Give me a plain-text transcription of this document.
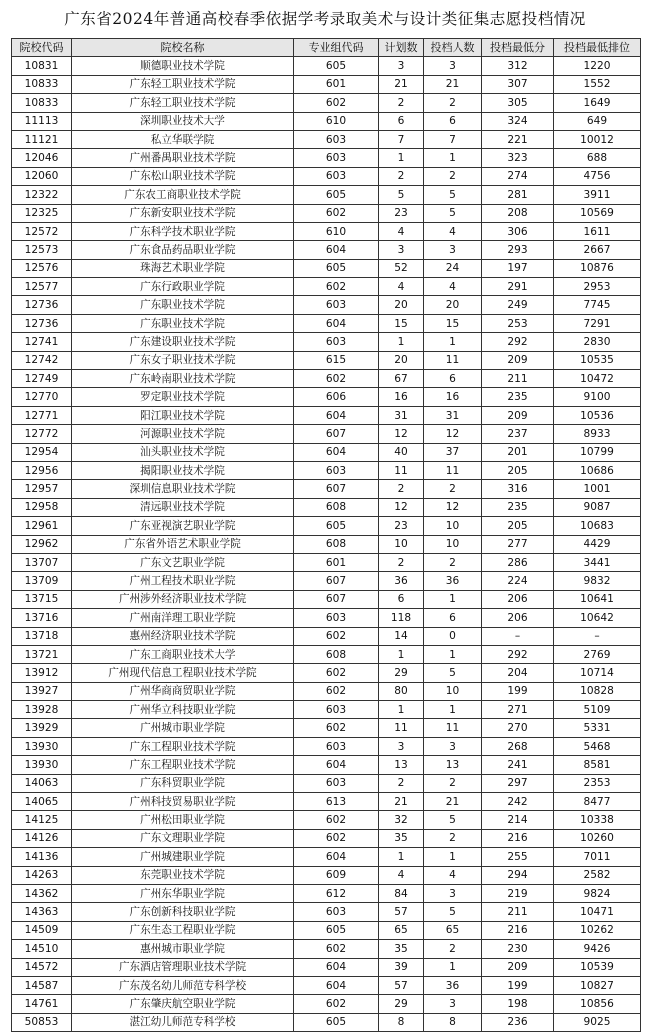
广东省2024年普通高校春季依据学考录取美术与设计类征集志愿投档情况
院校代码	院校名称	专业组代码	计划数	投档人数	投档最低分	投档最低排位
10831	顺德职业技术学院	605	3	3	312	1220
10833	广东轻工职业技术学院	601	21	21	307	1552
10833	广东轻工职业技术学院	602	2	2	305	1649
11113	深圳职业技术大学	610	6	6	324	649
11121	私立华联学院	603	7	7	221	10012
12046	广州番禺职业技术学院	603	1	1	323	688
12060	广东松山职业技术学院	603	2	2	274	4756
12322	广东农工商职业技术学院	605	5	5	281	3911
12325	广东新安职业技术学院	602	23	5	208	10569
12572	广东科学技术职业学院	610	4	4	306	1611
12573	广东食品药品职业学院	604	3	3	293	2667
12576	珠海艺术职业学院	605	52	24	197	10876
12577	广东行政职业学院	602	4	4	291	2953
12736	广东职业技术学院	603	20	20	249	7745
12736	广东职业技术学院	604	15	15	253	7291
12741	广东建设职业技术学院	603	1	1	292	2830
12742	广东女子职业技术学院	615	20	11	209	10535
12749	广东岭南职业技术学院	602	67	6	211	10472
12770	罗定职业技术学院	606	16	16	235	9100
12771	阳江职业技术学院	604	31	31	209	10536
12772	河源职业技术学院	607	12	12	237	8933
12954	汕头职业技术学院	604	40	37	201	10799
12956	揭阳职业技术学院	603	11	11	205	10686
12957	深圳信息职业技术学院	607	2	2	316	1001
12958	清远职业技术学院	608	12	12	235	9087
12961	广东亚视演艺职业学院	605	23	10	205	10683
12962	广东省外语艺术职业学院	608	10	10	277	4429
13707	广东文艺职业学院	601	2	2	286	3441
13709	广州工程技术职业学院	607	36	36	224	9832
13715	广州涉外经济职业技术学院	607	6	1	206	10641
13716	广州南洋理工职业学院	603	118	6	206	10642
13718	惠州经济职业技术学院	602	14	0	–	–
13721	广东工商职业技术大学	608	1	1	292	2769
13912	广州现代信息工程职业技术学院	602	29	5	204	10714
13927	广州华商商贸职业学院	602	80	10	199	10828
13928	广州华立科技职业学院	603	1	1	271	5109
13929	广州城市职业学院	602	11	11	270	5331
13930	广东工程职业技术学院	603	3	3	268	5468
13930	广东工程职业技术学院	604	13	13	241	8581
14063	广东科贸职业学院	603	2	2	297	2353
14065	广州科技贸易职业学院	613	21	21	242	8477
14125	广州松田职业学院	602	32	5	214	10338
14126	广东文理职业学院	602	35	2	216	10260
14136	广州城建职业学院	604	1	1	255	7011
14263	东莞职业技术学院	609	4	4	294	2582
14362	广州东华职业学院	612	84	3	219	9824
14363	广东创新科技职业学院	603	57	5	211	10471
14509	广东生态工程职业学院	605	65	65	216	10262
14510	惠州城市职业学院	602	35	2	230	9426
14572	广东酒店管理职业技术学院	604	39	1	209	10539
14587	广东茂名幼儿师范专科学校	604	57	36	199	10827
14761	广东肇庆航空职业学院	602	29	3	198	10856
50853	湛江幼儿师范专科学校	605	8	8	236	9025
